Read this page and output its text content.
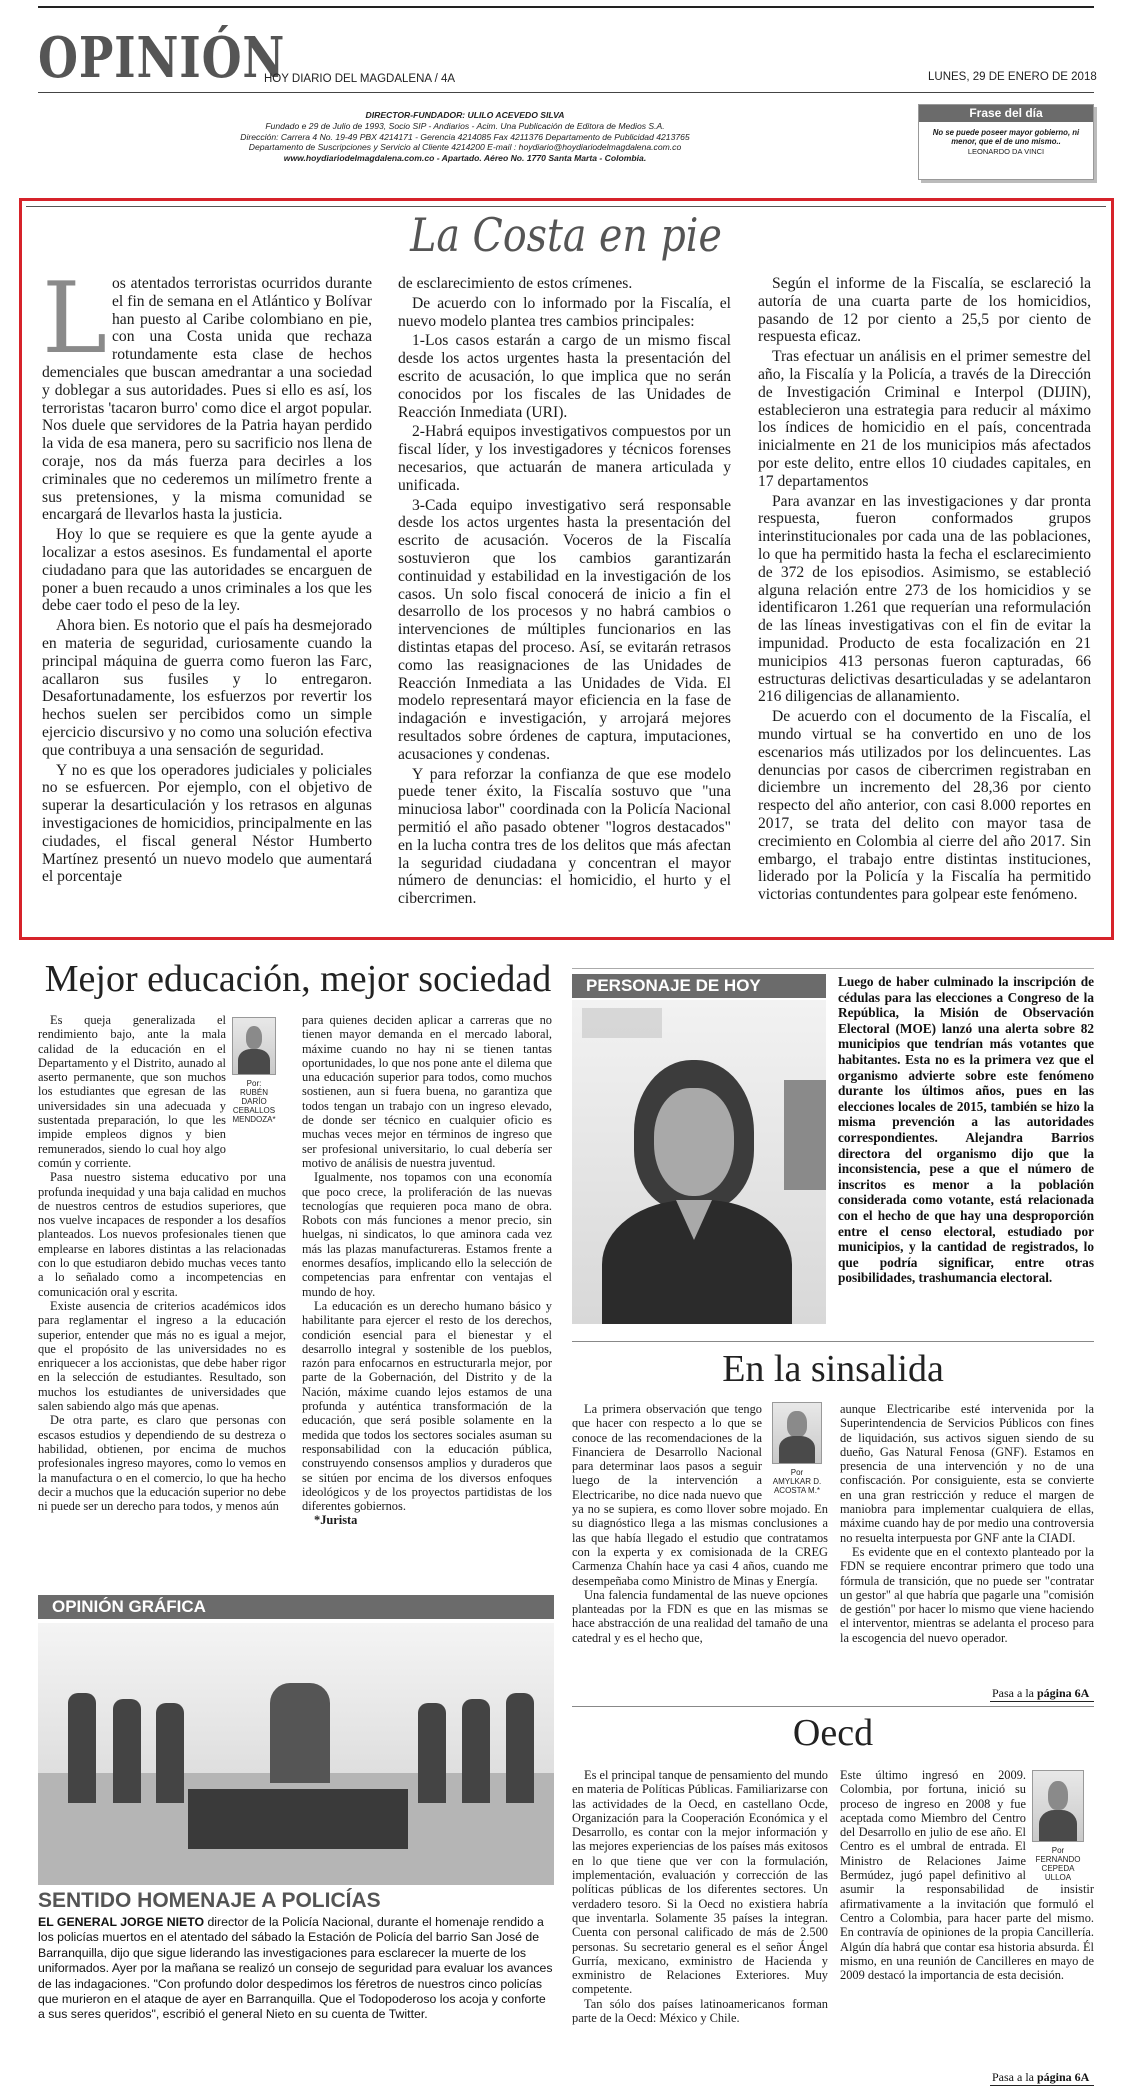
OPINIÓN
HOY DIARIO DEL MAGDALENA / 4A	LUNES, 29 DE ENERO DE 2018
DIRECTOR-FUNDADOR: ULILO ACEVEDO SILVA
Fundado e 29 de Julio de 1993, Socio SIP - Andiarios - Acim. Una Publicación de Editora de Medios S.A.
Dirección: Carrera 4 No. 19-49 PBX 4214171 - Gerencia 4214085 Fax 4211376 Departamento de Publicidad 4213765
Departamento de Suscripciones y Servicio al Cliente 4214200 E-mail : hoydiario@hoydiariodelmagdalena.com.co
www.hoydiariodelmagdalena.com.co - Apartado. Aéreo No. 1770 Santa Marta - Colombia.
Frase del día
No se puede poseer mayor gobierno, ni menor, que el de uno mismo..
LEONARDO DA VINCI
La Costa en pie
L os atentados terroristas ocurridos durante el fin de semana en el Atlántico y Bolívar han puesto al Caribe colombiano en pie, con una Costa unida que rechaza rotundamente esta clase de hechos demenciales que buscan amedrantar a una sociedad y doblegar a sus autoridades. Pues si ello es así, los terroristas 'tacaron burro' como dice el argot popular. Nos duele que servidores de la Patria hayan perdido la vida de esa manera, pero su sacrificio nos llena de coraje, nos da más fuerza para decirles a los criminales que no cederemos un milímetro frente a sus pretensiones, y la misma comunidad se encargará de llevarlos hasta la justicia.

Hoy lo que se requiere es que la gente ayude a localizar a estos asesinos. Es fundamental el aporte ciudadano para que las autoridades se encarguen de poner a buen recaudo a unos criminales a los que les debe caer todo el peso de la ley.

Ahora bien. Es notorio que el país ha desmejorado en materia de seguridad, curiosamente cuando la principal máquina de guerra como fueron las Farc, acallaron sus fusiles y lo entregaron. Desafortunadamente, los esfuerzos por revertir los hechos suelen ser percibidos como un simple ejercicio discursivo y no como una solución efectiva que contribuya a una sensación de seguridad.

Y no es que los operadores judiciales y policiales no se esfuercen. Por ejemplo, con el objetivo de superar la desarticulación y los retrasos en algunas investigaciones de homicidios, principalmente en las ciudades, el fiscal general Néstor Humberto Martínez presentó un nuevo modelo que aumentará el porcentaje

de esclarecimiento de estos crímenes.

De acuerdo con lo informado por la Fiscalía, el nuevo modelo plantea tres cambios principales:

1-Los casos estarán a cargo de un mismo fiscal desde los actos urgentes hasta la presentación del escrito de acusación, lo que implica que no serán conocidos por los fiscales de las Unidades de Reacción Inmediata (URI).

2-Habrá equipos investigativos compuestos por un fiscal líder, y los investigadores y técnicos forenses necesarios, que actuarán de manera articulada y unificada.

3-Cada equipo investigativo será responsable desde los actos urgentes hasta la presentación del escrito de acusación. Voceros de la Fiscalía sostuvieron que los cambios garantizarán continuidad y estabilidad en la investigación de los casos. Un solo fiscal conocerá de inicio a fin el desarrollo de los procesos y no habrá cambios o intervenciones de múltiples funcionarios en las distintas etapas del proceso. Así, se evitarán retrasos como las reasignaciones de las Unidades de Reacción Inmediata a las Unidades de Vida. El modelo representará mayor eficiencia en la fase de indagación e investigación, y arrojará mejores resultados sobre órdenes de captura, imputaciones, acusaciones y condenas.

Y para reforzar la confianza de que ese modelo puede tener éxito, la Fiscalía sostuvo que "una minuciosa labor" coordinada con la Policía Nacional permitió el año pasado obtener "logros destacados" en la lucha contra tres de los delitos que más afectan la seguridad ciudadana y concentran el mayor número de denuncias: el homicidio, el hurto y el cibercrimen.

Según el informe de la Fiscalía, se esclareció la autoría de una cuarta parte de los homicidios, pasando de 12 por ciento a 25,5 por ciento de respuesta eficaz.

Tras efectuar un análisis en el primer semestre del año, la Fiscalía y la Policía, a través de la Dirección de Investigación Criminal e Interpol (DIJIN), establecieron una estrategia para reducir al máximo los índices de homicidio en el país, concentrada inicialmente en 21 de los municipios más afectados por este delito, entre ellos 10 ciudades capitales, en 17 departamentos

Para avanzar en las investigaciones y dar pronta respuesta, fueron conformados grupos interinstitucionales por cada una de las poblaciones, lo que ha permitido hasta la fecha el esclarecimiento de 372 de los episodios. Asimismo, se estableció alguna relación entre 273 de los homicidios y se identificaron 1.261 que requerían una reformulación de las líneas investigativas con el fin de evitar la impunidad. Producto de esta focalización en 21 municipios 413 personas fueron capturadas, 66 estructuras delictivas desarticuladas y se adelantaron 216 diligencias de allanamiento.

De acuerdo con el documento de la Fiscalía, el mundo virtual se ha convertido en uno de los escenarios más utilizados por los delincuentes. Las denuncias por casos de cibercrimen registraban en diciembre un incremento del 28,36 por ciento respecto del año anterior, con casi 8.000 reportes en 2017, se trata del delito con mayor tasa de crecimiento en Colombia al cierre del año 2017. Sin embargo, el trabajo entre distintas instituciones, liderado por la Policía y la Fiscalía ha permitido victorias contundentes para golpear este fenómeno.

Mejor educación, mejor sociedad
Por:
RUBÉN
DARÍO
CEBALLOS
MENDOZA*

Es queja generalizada el rendimiento bajo, ante la mala calidad de la educación en el Departamento y el Distrito, aunado al aserto permanente, que son muchos los estudiantes que egresan de las universidades sin una adecuada y sustentada preparación, lo que les impide empleos dignos y bien remunerados, siendo lo cual hoy algo común y corriente.

Pasa nuestro sistema educativo por una profunda inequidad y una baja calidad en muchos de nuestros centros de estudios superiores, que nos vuelve incapaces de responder a los desafíos planteados. Los nuevos profesionales tienen que emplearse en labores distintas a las relacionadas con lo que estudiaron debido muchas veces tanto a lo señalado como a incompetencias en comunicación oral y escrita.

Existe ausencia de criterios académicos idos para reglamentar el ingreso a la educación superior, entender que más no es igual a mejor, que el propósito de las universidades no es enriquecer a los accionistas, que debe haber rigor en la selección de estudiantes. Resultado, son muchos los estudiantes de universidades que salen sabiendo algo más que apenas.

De otra parte, es claro que personas con escasos estudios y dependiendo de su destreza o habilidad, obtienen, por encima de muchos profesionales ingreso mayores, como lo vemos en la manufactura o en el comercio, lo que ha hecho decir a muchos que la educación superior no debe ni puede ser un derecho para todos, y menos aún

para quienes deciden aplicar a carreras que no tienen mayor demanda en el mercado laboral, máxime cuando no hay ni se tienen tantas oportunidades, lo que nos pone ante el dilema que una educación superior para todos, como muchos sostienen, aun si fuera buena, no garantiza que todos tengan un trabajo con un ingreso elevado, de donde ser técnico en cualquier oficio es muchas veces mejor en términos de ingreso que ser profesional universitario, lo cual debería ser motivo de análisis de nuestra juventud.

Igualmente, nos topamos con una economía que poco crece, la proliferación de las nuevas tecnologías que requieren poca mano de obra. Robots con más funciones a menor precio, sin huelgas, ni sindicatos, lo que aminora cada vez más las plazas manufactureras. Estamos frente a enormes desafíos, implicando ello la selección de competencias para enfrentar con ventajas el mundo de hoy.

La educación es un derecho humano básico y habilitante para ejercer el resto de los derechos, condición esencial para el bienestar y el desarrollo integral y sostenible de los pueblos, razón para enfocarnos en estructurarla mejor, por parte de la Gobernación, del Distrito y de la Nación, máxime cuando lejos estamos de una profunda y auténtica transformación de la educación, que será posible solamente en la medida que todos los sectores sociales asuman su responsabilidad con la educación pública, construyendo consensos amplios y duraderos que se sitúen por encima de los diversos enfoques ideológicos y de los proyectos partidistas de los diferentes gobiernos.

*Jurista

PERSONAJE DE HOY	Luego de haber culminado la inscripción de cédulas para las elecciones a Congreso de la República, la Misión de Observación Electoral (MOE) lanzó una alerta sobre 82 municipios que tendrían más votantes que habitantes. Esta no es la primera vez que el organismo advierte sobre este fenómeno durante los últimos años, pues en las elecciones locales de 2015, también se hizo la misma prevención a las autoridades correspondientes. Alejandra Barrios directora del organismo dijo que la inconsistencia, pese a que el número de inscritos es menor a la población considerada como votante, está relacionada con el hecho de que hay una desproporción entre el censo electoral, estudiado por municipios, y la cantidad de registrados, lo que podría significar, entre otras posibilidades, trashumancia electoral.
En la sinsalida
Por
AMYLKAR D.
ACOSTA M.*

La primera observación que tengo que hacer con respecto a lo que se conoce de las recomendaciones de la Financiera de Desarrollo Nacional para determinar laos pasos a seguir luego de la intervención a Electricaribe, no dice nada nuevo que ya no se supiera, es como llover sobre mojado. En su diagnóstico llega a las mismas conclusiones a las que había llegado el estudio que contratamos con la experta y ex comisionada de la CREG Carmenza Chahín hace ya casi 4 años, cuando me desempeñaba como Ministro de Minas y Energía.

Una falencia fundamental de las nueve opciones planteadas por la FDN es que en las mismas se hace abstracción de una realidad del tamaño de una catedral y es el hecho que,

aunque Electricaribe esté intervenida por la Superintendencia de Servicios Públicos con fines de liquidación, sus activos siguen siendo de su dueño, Gas Natural Fenosa (GNF). Estamos en presencia de una intervención y no de una confiscación. Por consiguiente, esta se convierte en una gran restricción y reduce el margen de maniobra para implementar cualquiera de ellas, máxime cuando hay de por medio una controversia no resuelta interpuesta por GNF ante la CIADI.

Es evidente que en el contexto planteado por la FDN se requiere encontrar primero que todo una fórmula de transición, que no puede ser "contratar un gestor" al que habría que pagarle una "comisión de gestión" por hacer lo mismo que viene haciendo el interventor, mientras se adelanta el proceso para la escogencia del nuevo operador.

Pasa a la página 6A
OPINIÓN GRÁFICA
SENTIDO HOMENAJE A POLICÍAS
EL GENERAL JORGE NIETO director de la Policía Nacional, durante el homenaje rendido a los policías muertos en el atentado del sábado la Estación de Policía del barrio San José de Barranquilla, dijo que sigue liderando las investigaciones para esclarecer la muerte de los uniformados. Ayer por la mañana se realizó un consejo de seguridad para evaluar los avances de las indagaciones. "Con profundo dolor despedimos los féretros de nuestros cinco policías que murieron en el ataque de ayer en Barranquilla. Que el Todopoderoso los acoja y conforte a sus seres queridos", escribió el general Nieto en su cuenta de Twitter.
Oecd
Por
FERNANDO
CEPEDA
ULLOA

Es el principal tanque de pensamiento del mundo en materia de Políticas Públicas. Familiarizarse con las actividades de la Oecd, en castellano Ocde, Organización para la Cooperación Económica y el Desarrollo, es contar con la mejor información y las mejores experiencias de los países más exitosos en lo que tiene que ver con la formulación, implementación, evaluación y corrección de las políticas públicas de los diferentes sectores. Un verdadero tesoro. Si la Oecd no existiera habría que inventarla. Solamente 35 países la integran. Cuenta con personal calificado de más de 2.500 personas. Su secretario general es el señor Ángel Gurría, mexicano, exministro de Hacienda y exministro de Relaciones Exteriores. Muy competente.

Tan sólo dos países latinoamericanos forman parte de la Oecd: México y Chile.

Este último ingresó en 2009. Colombia, por fortuna, inició su proceso de ingreso en 2008 y fue aceptada como Miembro del Centro del Desarrollo en julio de ese año. El Centro es el umbral de entrada. El Ministro de Relaciones Jaime Bermúdez, jugó papel definitivo al asumir la responsabilidad de insistir afirmativamente a la invitación que formuló el Centro a Colombia, para hacer parte del mismo. En contravía de opiniones de la propia Cancillería. Algún día habrá que contar esa historia absurda. Él mismo, en una reunión de Cancilleres en mayo de 2009 destacó la importancia de esta decisión.

Pasa a la página 6A
